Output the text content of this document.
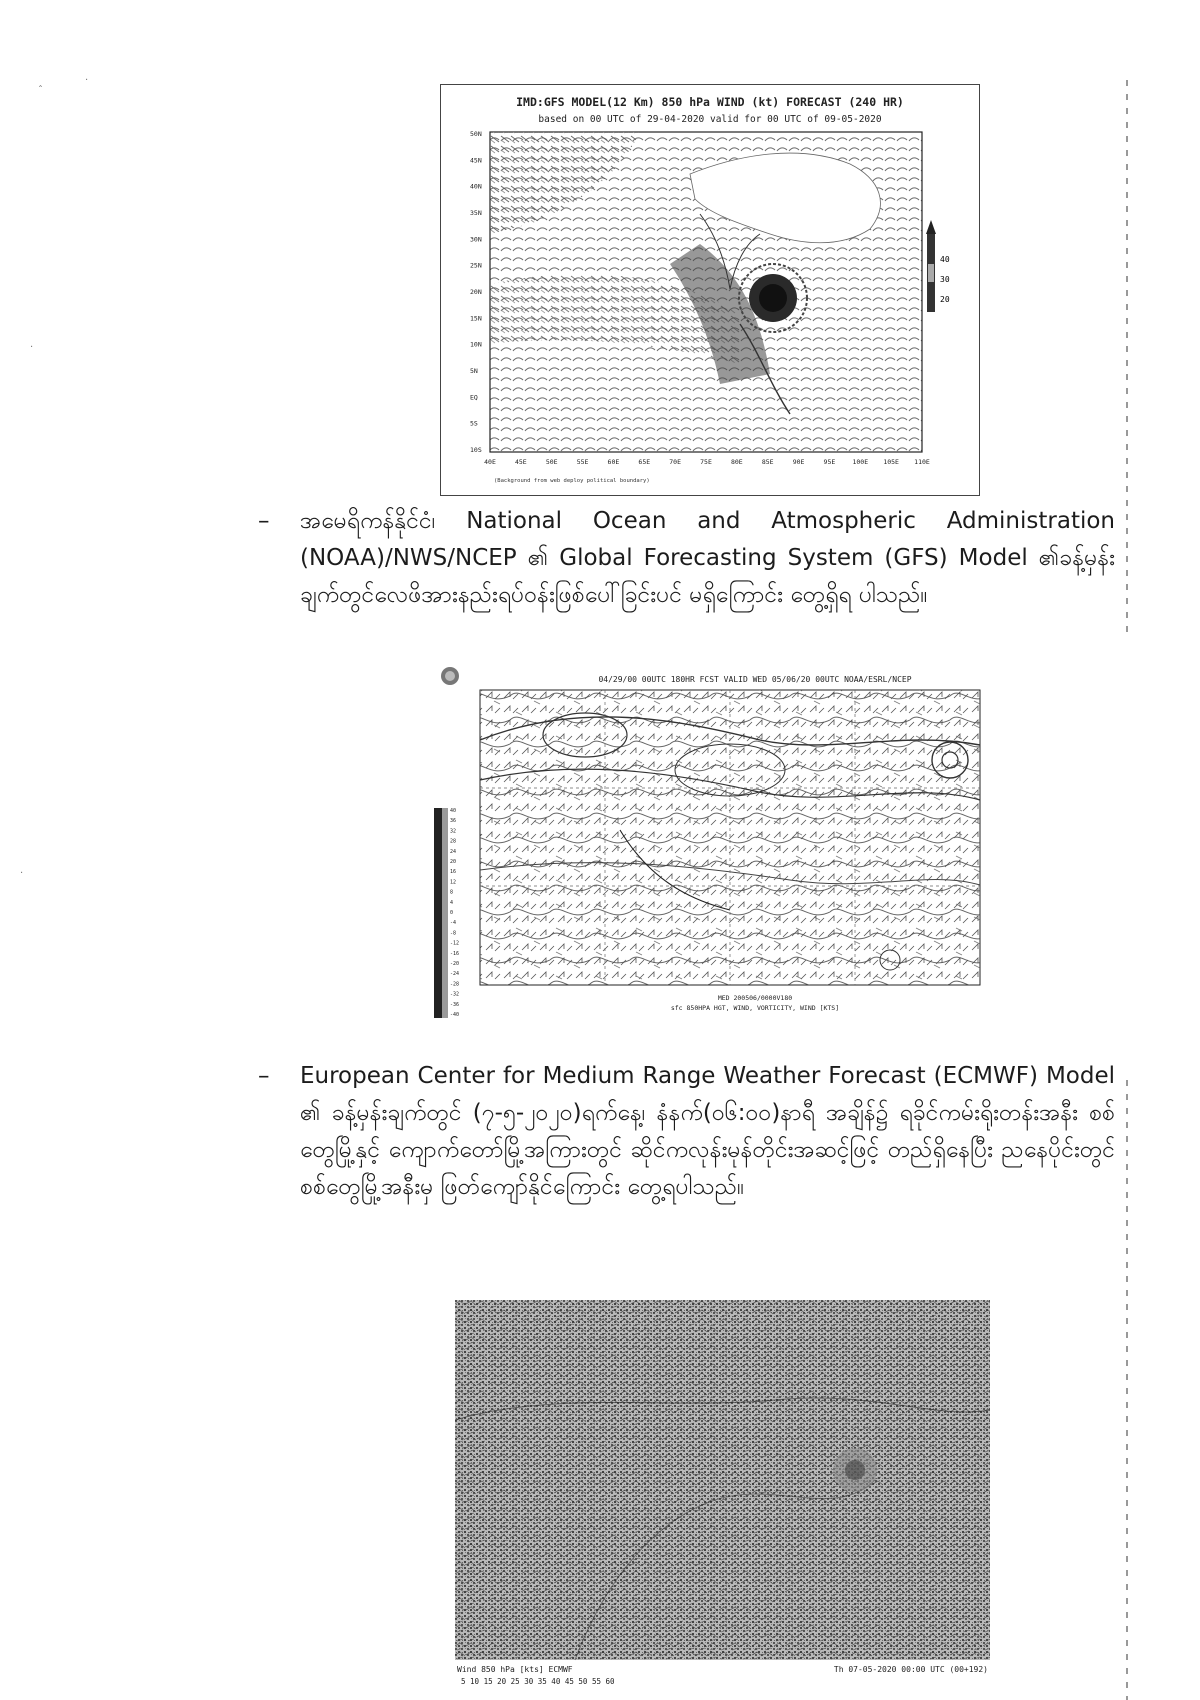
ˆ
·
·
·
IMD:GFS MODEL(12 Km) 850 hPa WIND (kt) FORECAST (240 HR)
based on 00 UTC of 29-04-2020 valid for 00 UTC of 09-05-2020
50N
45N
40N
35N
30N
25N
20N
15N
10N
5N
EQ
5S
10S
40E	45E	50E	55E	60E	65E	70E	75E	80E	85E	90E	95E	100E 105E 110E
40
30
20
(Background from web deploy political boundary)
– အမေရိကန်နိုင်ငံ၊ National Ocean and Atmospheric Administration (NOAA)/NWS/NCEP ၏ Global Forecasting System (GFS) Model ၏ခန့်မှန်းချက်တွင်လေဖိအားနည်းရပ်ဝန်းဖြစ်ပေါ်ခြင်းပင် မရှိကြောင်း တွေ့ရှိရ ပါသည်။

04/29/00 00UTC 180HR FCST VALID WED 05/06/20 00UTC NOAA/ESRL/NCEP
40
36
32
28
24
20
16
12
8
4
0
-4
-8
-12
-16
-20
-24
-28
-32
-36
-40
MED 200506/0000V180
sfc 850HPA HGT, WIND, VORTICITY, WIND [KTS]
– European Center for Medium Range Weather Forecast (ECMWF) Model ၏ ခန့်မှန်းချက်တွင် (၇-၅-၂၀၂၀)ရက်နေ့၊ နံနက်(၀၆:၀၀)နာရီ အချိန်၌ ရခိုင်ကမ်းရိုးတန်းအနီး စစ်တွေမြို့နှင့် ကျောက်တော်မြို့အကြားတွင် ဆိုင်ကလုန်းမုန်တိုင်းအဆင့်ဖြင့် တည်ရှိနေပြီး ညနေပိုင်းတွင် စစ်တွေမြို့အနီးမှ ဖြတ်ကျော်နိုင်ကြောင်း တွေ့ရပါသည်။

Wind 850 hPa [kts] ECMWF	Th 07-05-2020 00:00 UTC (00+192)
5 10 15 20 25 30 35 40 45 50 55 60
